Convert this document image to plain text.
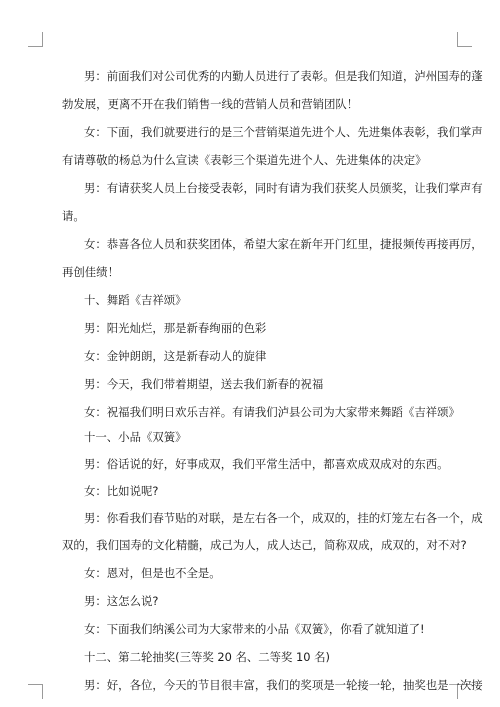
男：前面我们对公司优秀的内勤人员进行了表彰。但是我们知道，泸州国寿的蓬
勃发展，更离不开在我们销售一线的营销人员和营销团队！
女：下面，我们就要进行的是三个营销渠道先进个人、先进集体表彰，我们掌声
有请尊敬的杨总为什么宣读《表彰三个渠道先进个人、先进集体的决定》
男：有请获奖人员上台接受表彰，同时有请为我们获奖人员颁奖，让我们掌声有
请。
女：恭喜各位人员和获奖团体，希望大家在新年开门红里，捷报频传再接再厉，
再创佳绩！
十、舞蹈《吉祥颂》
男：阳光灿烂，那是新春绚丽的色彩
女：金钟朗朗，这是新春动人的旋律
男：今天，我们带着期望，送去我们新春的祝福
女：祝福我们明日欢乐吉祥。有请我们泸县公司为大家带来舞蹈《吉祥颂》
十一、小品《双簧》
男：俗话说的好，好事成双，我们平常生活中，都喜欢成双成对的东西。
女：比如说呢?
男：你看我们春节贴的对联，是左右各一个，成双的，挂的灯笼左右各一个，成
双的，我们国寿的文化精髓，成己为人，成人达己，简称双成，成双的，对不对?
女：恩对，但是也不全是。
男：这怎么说?
女：下面我们纳溪公司为大家带来的小品《双簧》，你看了就知道了!
十二、第二轮抽奖(三等奖 20 名、二等奖 10 名)
男：好，各位，今天的节目很丰富，我们的奖项是一轮接一轮，抽奖也是一次接
